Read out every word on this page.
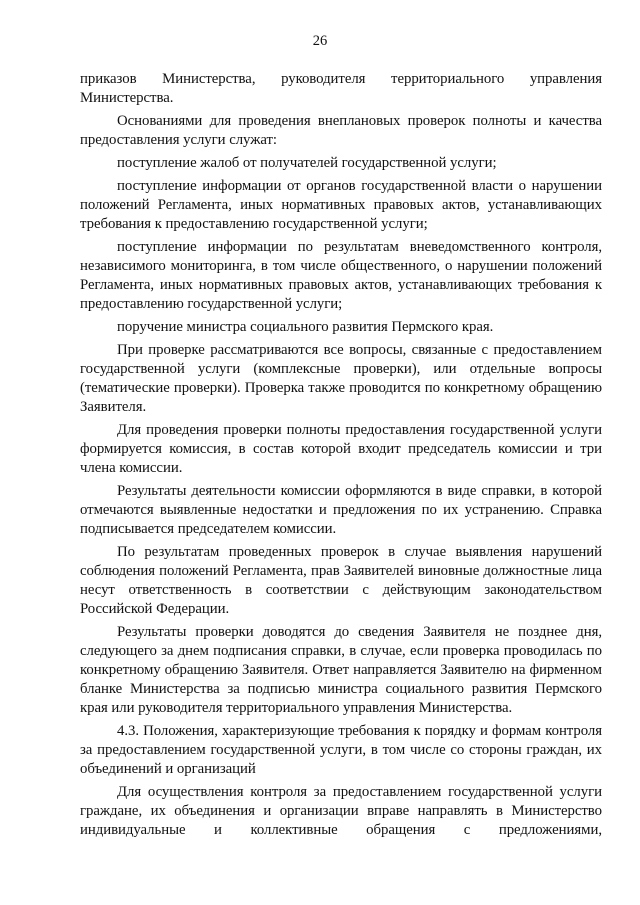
26

приказов Министерства, руководителя территориального управления Министерства.

Основаниями для проведения внеплановых проверок полноты и качества предоставления услуги служат:

поступление жалоб от получателей государственной услуги;

поступление информации от органов государственной власти о нарушении положений Регламента, иных нормативных правовых актов, устанавливающих требования к предоставлению государственной услуги;

поступление информации по результатам вневедомственного контроля, независимого мониторинга, в том числе общественного, о нарушении положений Регламента, иных нормативных правовых актов, устанавливающих требования к предоставлению государственной услуги;

поручение министра социального развития Пермского края.

При проверке рассматриваются все вопросы, связанные с предоставлением государственной услуги (комплексные проверки), или отдельные вопросы (тематические проверки). Проверка также проводится по конкретному обращению Заявителя.

Для проведения проверки полноты предоставления государственной услуги формируется комиссия, в состав которой входит председатель комиссии и три члена комиссии.

Результаты деятельности комиссии оформляются в виде справки, в которой отмечаются выявленные недостатки и предложения по их устранению. Справка подписывается председателем комиссии.

По результатам проведенных проверок в случае выявления нарушений соблюдения положений Регламента, прав Заявителей виновные должностные лица несут ответственность в соответствии с действующим законодательством Российской Федерации.

Результаты проверки доводятся до сведения Заявителя не позднее дня, следующего за днем подписания справки, в случае, если проверка проводилась по конкретному обращению Заявителя. Ответ направляется Заявителю на фирменном бланке Министерства за подписью министра социального развития Пермского края или руководителя территориального управления Министерства.

4.3. Положения, характеризующие требования к порядку и формам контроля за предоставлением государственной услуги, в том числе со стороны граждан, их объединений и организаций

Для осуществления контроля за предоставлением государственной услуги граждане, их объединения и организации вправе направлять в Министерство индивидуальные и коллективные обращения с предложениями,
